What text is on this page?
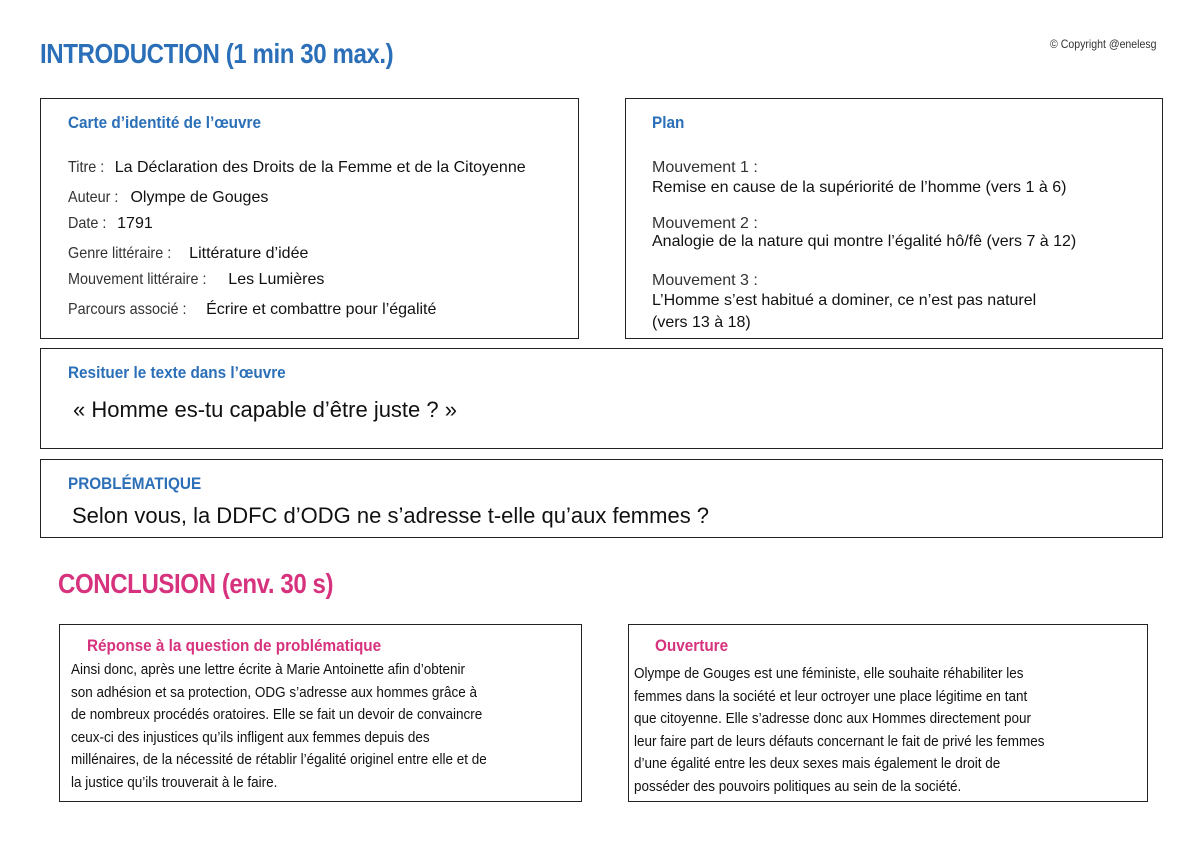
INTRODUCTION (1 min 30 max.)	© Copyright @enelesg
Carte d’identité de l’œuvre
Titre : La Déclaration des Droits de la Femme et de la Citoyenne
Auteur : Olympe de Gouges
Date : 1791
Genre littéraire : Littérature d’idée
Mouvement littéraire : Les Lumières
Parcours associé : Écrire et combattre pour l’égalité
Plan
Mouvement 1 :
Remise en cause de la supériorité de l’homme (vers 1 à 6)
Mouvement 2 :
Analogie de la nature qui montre l’égalité hô/fê (vers 7 à 12)
Mouvement 3 :
L’Homme s’est habitué a dominer, ce n’est pas naturel
(vers 13 à 18)
Resituer le texte dans l’œuvre
« Homme es-tu capable d’être juste ? »
PROBLÉMATIQUE
Selon vous, la DDFC d’ODG ne s’adresse t-elle qu’aux femmes ?
CONCLUSION (env. 30 s)
Réponse à la question de problématique
Ainsi donc, après une lettre écrite à Marie Antoinette afin d’obtenir
son adhésion et sa protection, ODG s’adresse aux hommes grâce à
de nombreux procédés oratoires. Elle se fait un devoir de convaincre
ceux-ci des injustices qu’ils infligent aux femmes depuis des
millénaires, de la nécessité de rétablir l’égalité originel entre elle et de
la justice qu’ils trouverait à le faire.
Ouverture
Olympe de Gouges est une féministe, elle souhaite réhabiliter les
femmes dans la société et leur octroyer une place légitime en tant
que citoyenne. Elle s’adresse donc aux Hommes directement pour
leur faire part de leurs défauts concernant le fait de privé les femmes
d’une égalité entre les deux sexes mais également le droit de
posséder des pouvoirs politiques au sein de la société.
